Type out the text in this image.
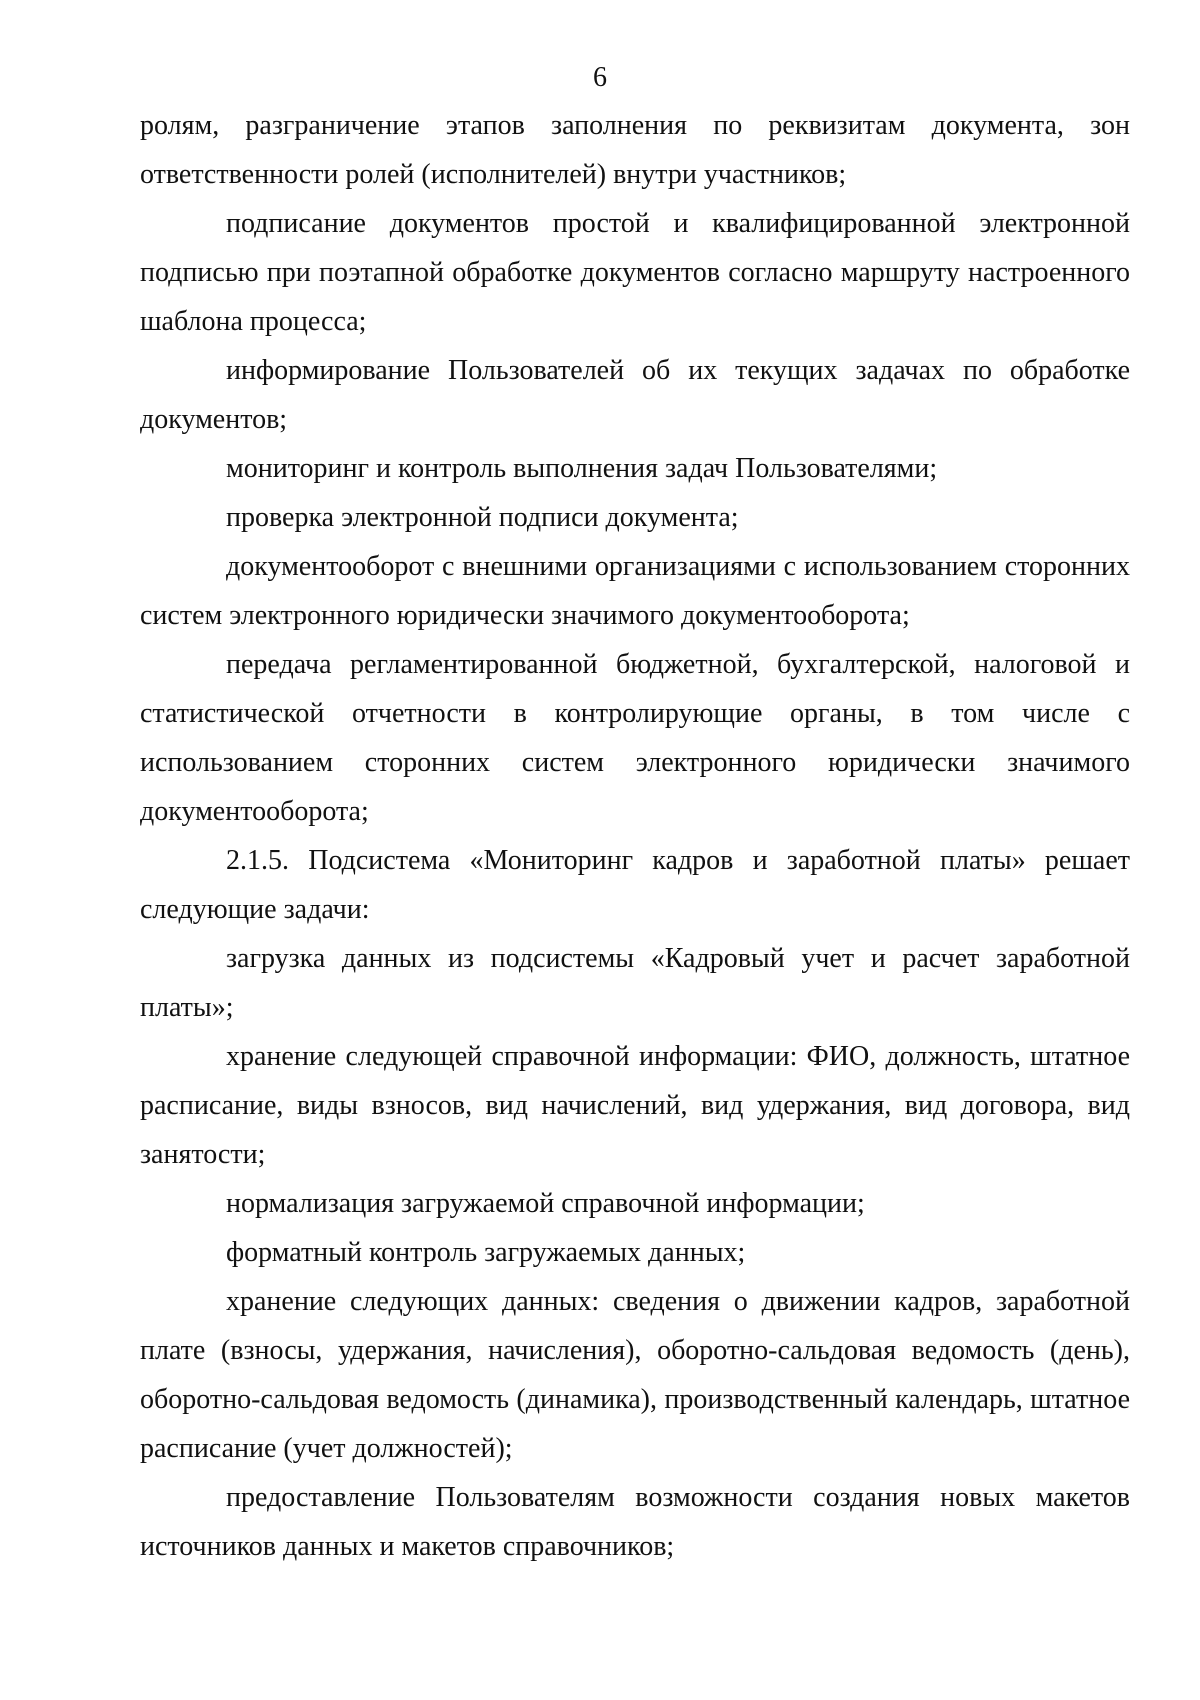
6

ролям, разграничение этапов заполнения по реквизитам документа, зон ответственности ролей (исполнителей) внутри участников;

подписание документов простой и квалифицированной электронной подписью при поэтапной обработке документов согласно маршруту настроенного шаблона процесса;

информирование Пользователей об их текущих задачах по обработке документов;

мониторинг и контроль выполнения задач Пользователями;

проверка электронной подписи документа;

документооборот с внешними организациями с использованием сторонних систем электронного юридически значимого документооборота;

передача регламентированной бюджетной, бухгалтерской, налоговой и статистической отчетности в контролирующие органы, в том числе с использованием сторонних систем электронного юридически значимого документооборота;

2.1.5. Подсистема «Мониторинг кадров и заработной платы» решает следующие задачи:

загрузка данных из подсистемы «Кадровый учет и расчет заработной платы»;

хранение следующей справочной информации: ФИО, должность, штатное расписание, виды взносов, вид начислений, вид удержания, вид договора, вид занятости;

нормализация загружаемой справочной информации;

форматный контроль загружаемых данных;

хранение следующих данных: сведения о движении кадров, заработной плате (взносы, удержания, начисления), оборотно-сальдовая ведомость (день), оборотно-сальдовая ведомость (динамика), производственный календарь, штатное расписание (учет должностей);

предоставление Пользователям возможности создания новых макетов источников данных и макетов справочников;
